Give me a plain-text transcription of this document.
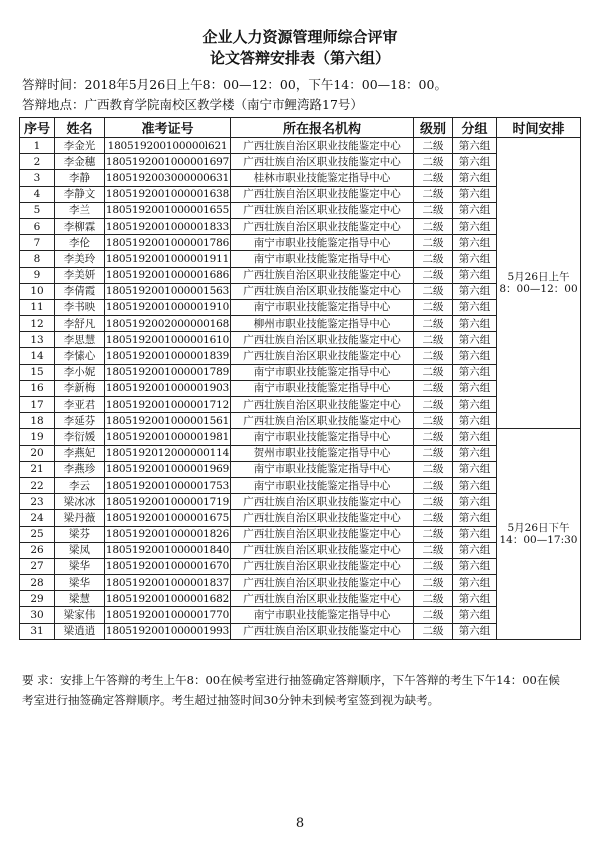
企业人力资源管理师综合评审
论文答辩安排表（第六组）
答辩时间：2018年5月26日上午8：00—12：00，下午14：00—18：00。
答辩地点：广西教育学院南校区教学楼（南宁市鲤湾路17号）
序号	姓名	准考证号	所在报名机构	级别	分组	时间安排
1	李金光	180519200100000l621	广西壮族自治区职业技能鉴定中心	二级	第六组	5月26日上午
8：00—12：00

2	李金穗	1805192001000001697	广西壮族自治区职业技能鉴定中心	二级	第六组	
3	李静	1805192003000000631	桂林市职业技能鉴定指导中心	二级	第六组	
4	李静文	1805192001000001638	广西壮族自治区职业技能鉴定中心	二级	第六组	
5	李兰	1805192001000001655	广西壮族自治区职业技能鉴定中心	二级	第六组	
6	李柳霖	1805192001000001833	广西壮族自治区职业技能鉴定中心	二级	第六组	
7	李伦	1805192001000001786	南宁市职业技能鉴定指导中心	二级	第六组	
8	李美玲	1805192001000001911	南宁市职业技能鉴定指导中心	二级	第六组	
9	李美妍	1805192001000001686	广西壮族自治区职业技能鉴定中心	二级	第六组	
10	李倩霞	1805192001000001563	广西壮族自治区职业技能鉴定中心	二级	第六组	
11	李书映	1805192001000001910	南宁市职业技能鉴定指导中心	二级	第六组	
12	李舒凡	1805192002000000168	柳州市职业技能鉴定指导中心	二级	第六组	
13	李思慧	1805192001000001610	广西壮族自治区职业技能鉴定中心	二级	第六组	
14	李愫心	1805192001000001839	广西壮族自治区职业技能鉴定中心	二级	第六组	
15	李小妮	1805192001000001789	南宁市职业技能鉴定指导中心	二级	第六组	
16	李新梅	1805192001000001903	南宁市职业技能鉴定指导中心	二级	第六组	
17	李亚君	1805192001000001712	广西壮族自治区职业技能鉴定中心	二级	第六组	
18	李延芬	1805192001000001561	广西壮族自治区职业技能鉴定中心	二级	第六组	
19	李衍媛	1805192001000001981	南宁市职业技能鉴定指导中心	二级	第六组	5月26日下午
14：00—17:30

20	李燕妃	1805192012000000114	贺州市职业技能鉴定指导中心	二级	第六组	
21	李燕珍	1805192001000001969	南宁市职业技能鉴定指导中心	二级	第六组	
22	李云	1805192001000001753	南宁市职业技能鉴定指导中心	二级	第六组	
23	梁冰冰	1805192001000001719	广西壮族自治区职业技能鉴定中心	二级	第六组	
24	梁丹薇	1805192001000001675	广西壮族自治区职业技能鉴定中心	二级	第六组	
25	梁芬	1805192001000001826	广西壮族自治区职业技能鉴定中心	二级	第六组	
26	梁凤	1805192001000001840	广西壮族自治区职业技能鉴定中心	二级	第六组	
27	梁华	1805192001000001670	广西壮族自治区职业技能鉴定中心	二级	第六组	
28	梁华	1805192001000001837	广西壮族自治区职业技能鉴定中心	二级	第六组	
29	梁慧	1805192001000001682	广西壮族自治区职业技能鉴定中心	二级	第六组	
30	梁家伟	1805192001000001770	南宁市职业技能鉴定指导中心	二级	第六组	
31	梁逍逍	1805192001000001993	广西壮族自治区职业技能鉴定中心	二级	第六组	
要 求：安排上午答辩的考生上午8：00在候考室进行抽签确定答辩顺序，下午答辩的考生下午14：00在候
考室进行抽签确定答辩顺序。考生超过抽签时间30分钟未到候考室签到视为缺考。
8
